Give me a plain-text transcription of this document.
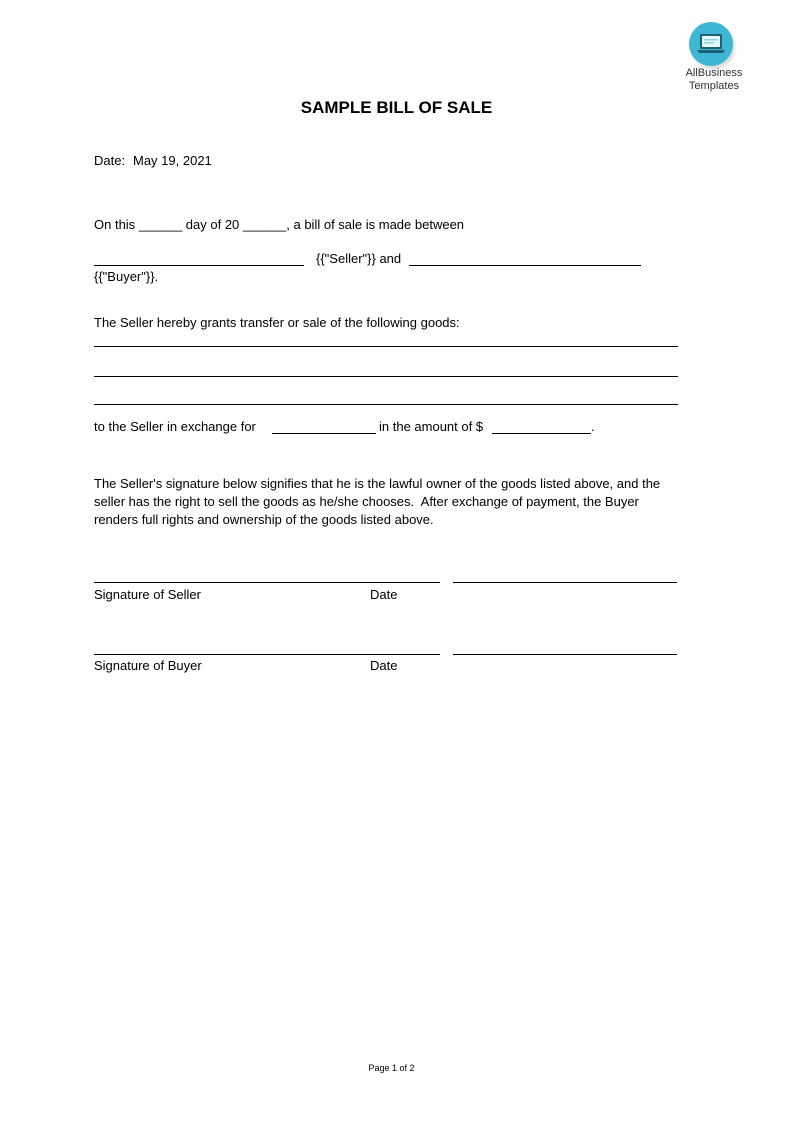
AllBusiness
Templates
SAMPLE BILL OF SALE
Date: May 19, 2021
On this ______ day of 20 ______, a bill of sale is made between
{{"Seller"}} and
{{"Buyer"}}.
The Seller hereby grants transfer or sale of the following goods:
to the Seller in exchange for	in the amount of $	.
The Seller's signature below signifies that he is the lawful owner of the goods listed above, and the
seller has the right to sell the goods as he/she chooses.  After exchange of payment, the Buyer
renders full rights and ownership of the goods listed above.
Signature of Seller	Date
Signature of Buyer	Date
Page 1 of 2
